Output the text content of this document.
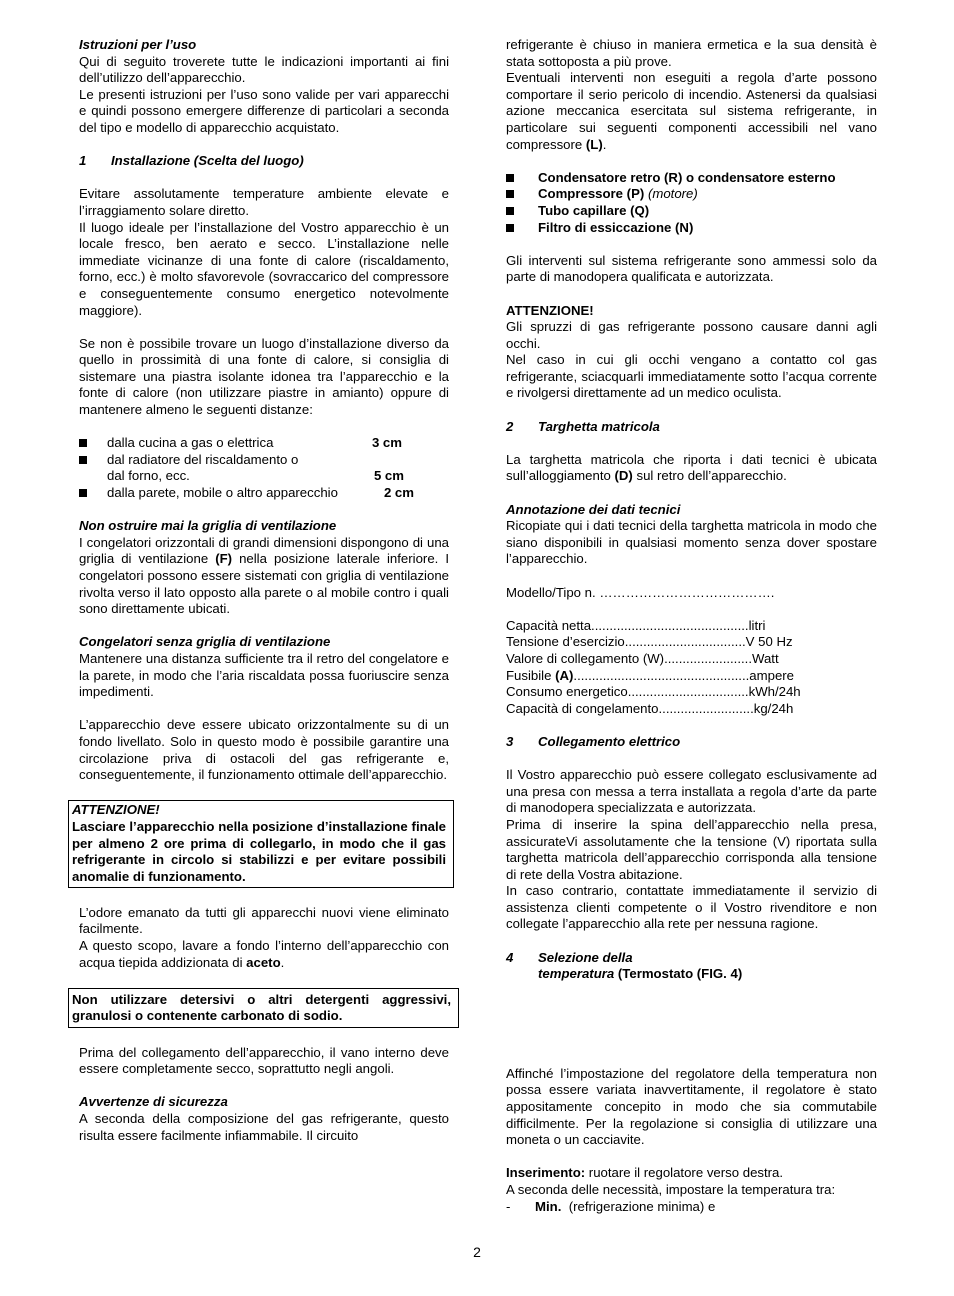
Istruzioni per l’uso

Qui di seguito troverete tutte le indicazioni importanti ai fini dell’utilizzo dell’apparecchio.

Le presenti istruzioni per l’uso sono valide per vari apparecchi e quindi possono emergere differenze di particolari a seconda del tipo e modello di apparecchio acquistato.

1	Installazione (Scelta del luogo)

Evitare assolutamente temperature ambiente elevate e l’irraggiamento solare diretto.

Il luogo ideale per l’installazione del Vostro apparecchio è un locale fresco, ben aerato e secco. L’installazione nelle immediate vicinanze di una fonte di calore (riscaldamento, forno, ecc.) è molto sfavorevole (sovraccarico del compressore e conseguentemente consumo energetico notevolmente maggiore).

Se non è possibile trovare un luogo d’installazione diverso da quello in prossimità di una fonte di calore, si consiglia di sistemare una piastra isolante idonea tra l’apparecchio e la fonte di calore (non utilizzare piastre in amianto) oppure di mantenere almeno le seguenti distanze:

dalla cucina a gas o elettrica	3 cm
dal radiatore del riscaldamento o
dal forno, ecc.	5 cm
dalla parete, mobile o altro apparecchio	2 cm

Non ostruire mai la griglia di ventilazione

I congelatori orizzontali di grandi dimensioni dispongono di una griglia di ventilazione (F) nella posizione laterale inferiore. I congelatori possono essere sistemati con griglia di ventilazione rivolta verso il lato opposto alla parete o al mobile contro i quali sono direttamente ubicati.

Congelatori senza griglia di ventilazione

Mantenere una distanza sufficiente tra il retro del congelatore e la parete, in modo che l’aria riscaldata possa fuoriuscire senza impedimenti.

L’apparecchio deve essere ubicato orizzontalmente su di un fondo livellato. Solo in questo modo è possibile garantire una circolazione priva di ostacoli del gas refrigerante e, conseguentemente, il funzionamento ottimale dell’apparecchio.

ATTENZIONE!

Lasciare l’apparecchio nella posizione d’installazione finale per almeno 2 ore prima di collegarlo, in modo che il gas refrigerante in circolo si stabilizzi e per evitare possibili anomalie di funzionamento.

L’odore emanato da tutti gli apparecchi nuovi viene eliminato facilmente.

A questo scopo, lavare a fondo l’interno dell’apparecchio con acqua tiepida addizionata di aceto.

Non utilizzare detersivi o altri detergenti aggressivi, granulosi o contenente carbonato di sodio.

Prima del collegamento dell’apparecchio, il vano interno deve essere completamente secco, soprattutto negli angoli.

Avvertenze di sicurezza

A seconda della composizione del gas refrigerante, questo risulta essere facilmente infiammabile. Il circuito

refrigerante è chiuso in maniera ermetica e la sua densità è stata sottoposta a più prove.

Eventuali interventi non eseguiti a regola d’arte possono comportare il serio pericolo di incendio. Astenersi da qualsiasi azione meccanica esercitata sul sistema refrigerante, in particolare sui seguenti componenti accessibili nel vano compressore (L).

Condensatore retro (R) o condensatore esterno
Compressore (P) (motore)
Tubo capillare (Q)
Filtro di essiccazione (N)

Gli interventi sul sistema refrigerante sono ammessi solo da parte di manodopera qualificata e autorizzata.

ATTENZIONE!

Gli spruzzi di gas refrigerante possono causare danni agli occhi.

Nel caso in cui gli occhi vengano a contatto col gas refrigerante, sciacquarli immediatamente sotto l’acqua corrente e rivolgersi direttamente ad un medico oculista.

2	Targhetta matricola

La targhetta matricola che riporta i dati tecnici è ubicata sull’alloggiamento (D) sul retro dell’apparecchio.

Annotazione dei dati tecnici

Ricopiate qui i dati tecnici della targhetta matricola in modo che siano disponibili in qualsiasi momento senza dover spostare l’apparecchio.

Modello/Tipo n. ………………………………….

Capacità netta...........................................litri

Tensione d’esercizio.................................V 50 Hz

Valore di collegamento (W)........................Watt

Fusibile (A)................................................ampere

Consumo energetico.................................kWh/24h

Capacità di congelamento..........................kg/24h

3	Collegamento elettrico

Il Vostro apparecchio può essere collegato esclusivamente ad una presa con messa a terra installata a regola d’arte da parte di manodopera specializzata e autorizzata.

Prima di inserire la spina dell’apparecchio nella presa, assicurateVi assolutamente che la tensione (V) riportata sulla targhetta matricola dell’apparecchio corrisponda alla tensione di rete della Vostra abitazione.

In caso contrario, contattate immediatamente il servizio di assistenza clienti competente o il Vostro rivenditore e non collegate l’apparecchio alla rete per nessuna ragione.

4	Selezione della
temperatura (Termostato (FIG. 4)

Affinché l’impostazione del regolatore della temperatura non possa essere variata inavvertitamente, il regolatore è stato appositamente concepito in modo che sia commutabile difficilmente. Per la regolazione si consiglia di utilizzare una moneta o un cacciavite.

Inserimento: ruotare il regolatore verso destra.

A seconda delle necessità, impostare la temperatura tra:

-	Min.  (refrigerazione minima) e
2
